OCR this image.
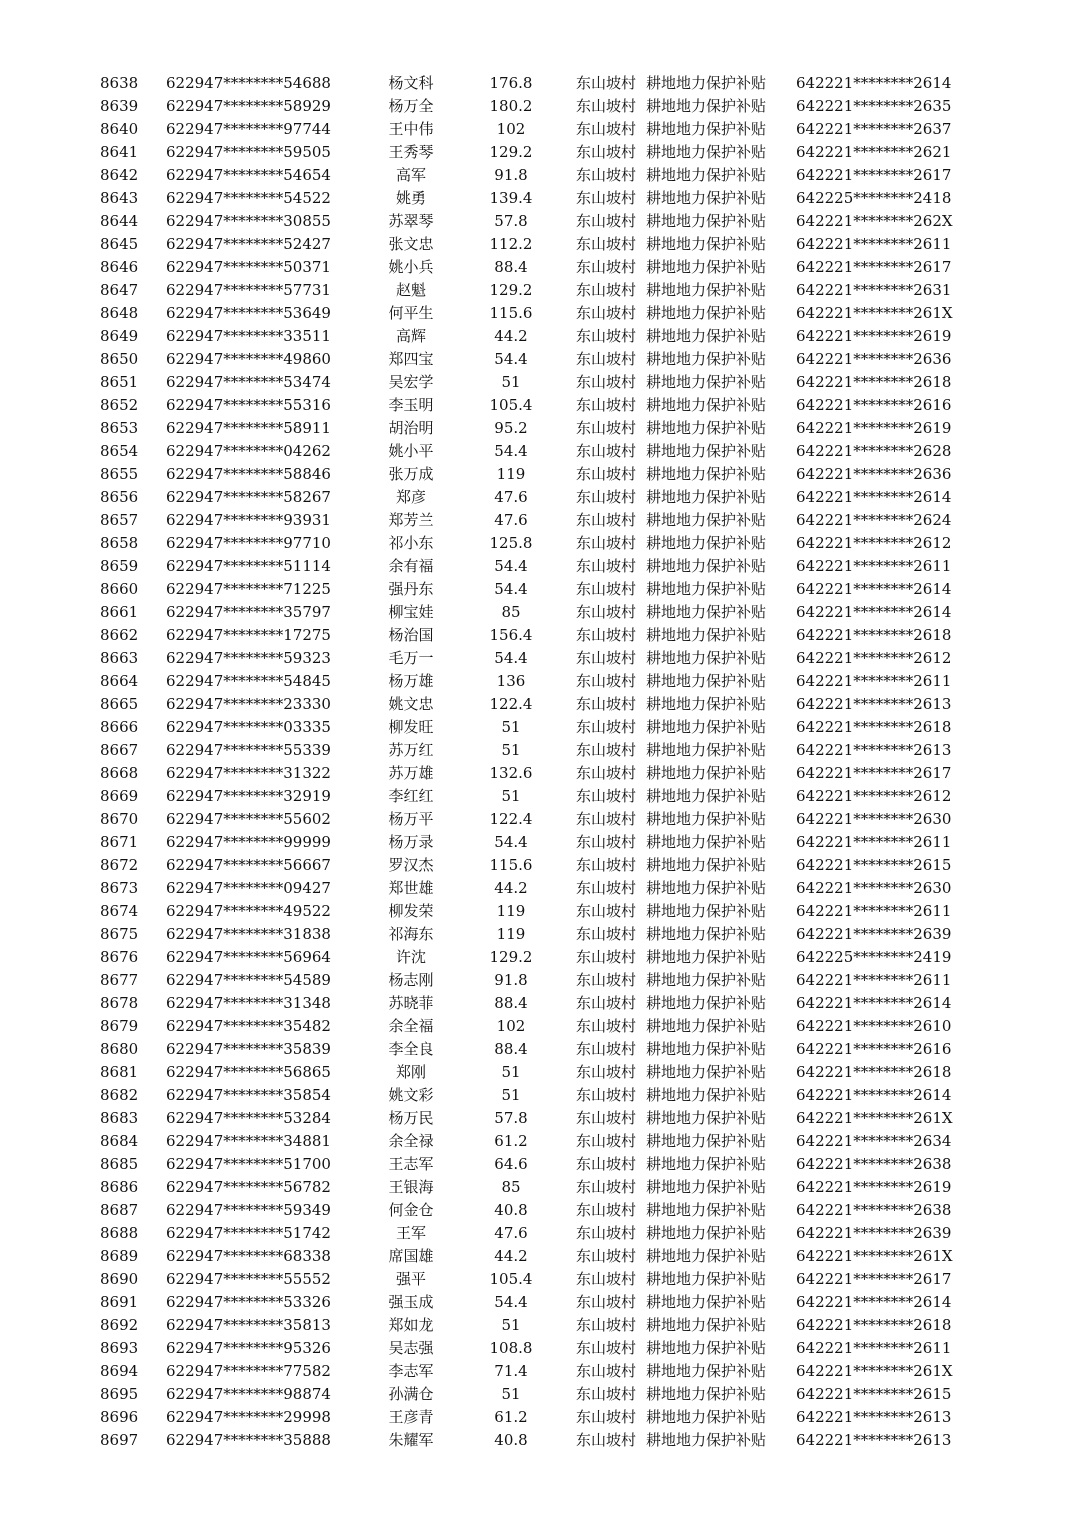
8638	622947********54688	杨文科	176.8	东山坡村	耕地地力保护补贴	642221********2614
8639	622947********58929	杨万全	180.2	东山坡村	耕地地力保护补贴	642221********2635
8640	622947********97744	王中伟	102	东山坡村	耕地地力保护补贴	642221********2637
8641	622947********59505	王秀琴	129.2	东山坡村	耕地地力保护补贴	642221********2621
8642	622947********54654	高军	91.8	东山坡村	耕地地力保护补贴	642221********2617
8643	622947********54522	姚勇	139.4	东山坡村	耕地地力保护补贴	642225********2418
8644	622947********30855	苏翠琴	57.8	东山坡村	耕地地力保护补贴	642221********262X
8645	622947********52427	张文忠	112.2	东山坡村	耕地地力保护补贴	642221********2611
8646	622947********50371	姚小兵	88.4	东山坡村	耕地地力保护补贴	642221********2617
8647	622947********57731	赵魁	129.2	东山坡村	耕地地力保护补贴	642221********2631
8648	622947********53649	何平生	115.6	东山坡村	耕地地力保护补贴	642221********261X
8649	622947********33511	高辉	44.2	东山坡村	耕地地力保护补贴	642221********2619
8650	622947********49860	郑四宝	54.4	东山坡村	耕地地力保护补贴	642221********2636
8651	622947********53474	吴宏学	51	东山坡村	耕地地力保护补贴	642221********2618
8652	622947********55316	李玉明	105.4	东山坡村	耕地地力保护补贴	642221********2616
8653	622947********58911	胡治明	95.2	东山坡村	耕地地力保护补贴	642221********2619
8654	622947********04262	姚小平	54.4	东山坡村	耕地地力保护补贴	642221********2628
8655	622947********58846	张万成	119	东山坡村	耕地地力保护补贴	642221********2636
8656	622947********58267	郑彦	47.6	东山坡村	耕地地力保护补贴	642221********2614
8657	622947********93931	郑芳兰	47.6	东山坡村	耕地地力保护补贴	642221********2624
8658	622947********97710	祁小东	125.8	东山坡村	耕地地力保护补贴	642221********2612
8659	622947********51114	余有福	54.4	东山坡村	耕地地力保护补贴	642221********2611
8660	622947********71225	强丹东	54.4	东山坡村	耕地地力保护补贴	642221********2614
8661	622947********35797	柳宝娃	85	东山坡村	耕地地力保护补贴	642221********2614
8662	622947********17275	杨治国	156.4	东山坡村	耕地地力保护补贴	642221********2618
8663	622947********59323	毛万一	54.4	东山坡村	耕地地力保护补贴	642221********2612
8664	622947********54845	杨万雄	136	东山坡村	耕地地力保护补贴	642221********2611
8665	622947********23330	姚文忠	122.4	东山坡村	耕地地力保护补贴	642221********2613
8666	622947********03335	柳发旺	51	东山坡村	耕地地力保护补贴	642221********2618
8667	622947********55339	苏万红	51	东山坡村	耕地地力保护补贴	642221********2613
8668	622947********31322	苏万雄	132.6	东山坡村	耕地地力保护补贴	642221********2617
8669	622947********32919	李红红	51	东山坡村	耕地地力保护补贴	642221********2612
8670	622947********55602	杨万平	122.4	东山坡村	耕地地力保护补贴	642221********2630
8671	622947********99999	杨万录	54.4	东山坡村	耕地地力保护补贴	642221********2611
8672	622947********56667	罗汉杰	115.6	东山坡村	耕地地力保护补贴	642221********2615
8673	622947********09427	郑世雄	44.2	东山坡村	耕地地力保护补贴	642221********2630
8674	622947********49522	柳发荣	119	东山坡村	耕地地力保护补贴	642221********2611
8675	622947********31838	祁海东	119	东山坡村	耕地地力保护补贴	642221********2639
8676	622947********56964	许沈	129.2	东山坡村	耕地地力保护补贴	642225********2419
8677	622947********54589	杨志刚	91.8	东山坡村	耕地地力保护补贴	642221********2611
8678	622947********31348	苏晓菲	88.4	东山坡村	耕地地力保护补贴	642221********2614
8679	622947********35482	余全福	102	东山坡村	耕地地力保护补贴	642221********2610
8680	622947********35839	李全良	88.4	东山坡村	耕地地力保护补贴	642221********2616
8681	622947********56865	郑刚	51	东山坡村	耕地地力保护补贴	642221********2618
8682	622947********35854	姚文彩	51	东山坡村	耕地地力保护补贴	642221********2614
8683	622947********53284	杨万民	57.8	东山坡村	耕地地力保护补贴	642221********261X
8684	622947********34881	余全禄	61.2	东山坡村	耕地地力保护补贴	642221********2634
8685	622947********51700	王志军	64.6	东山坡村	耕地地力保护补贴	642221********2638
8686	622947********56782	王银海	85	东山坡村	耕地地力保护补贴	642221********2619
8687	622947********59349	何金仓	40.8	东山坡村	耕地地力保护补贴	642221********2638
8688	622947********51742	王军	47.6	东山坡村	耕地地力保护补贴	642221********2639
8689	622947********68338	席国雄	44.2	东山坡村	耕地地力保护补贴	642221********261X
8690	622947********55552	强平	105.4	东山坡村	耕地地力保护补贴	642221********2617
8691	622947********53326	强玉成	54.4	东山坡村	耕地地力保护补贴	642221********2614
8692	622947********35813	郑如龙	51	东山坡村	耕地地力保护补贴	642221********2618
8693	622947********95326	吴志强	108.8	东山坡村	耕地地力保护补贴	642221********2611
8694	622947********77582	李志军	71.4	东山坡村	耕地地力保护补贴	642221********261X
8695	622947********98874	孙满仓	51	东山坡村	耕地地力保护补贴	642221********2615
8696	622947********29998	王彦青	61.2	东山坡村	耕地地力保护补贴	642221********2613
8697	622947********35888	朱耀军	40.8	东山坡村	耕地地力保护补贴	642221********2613
